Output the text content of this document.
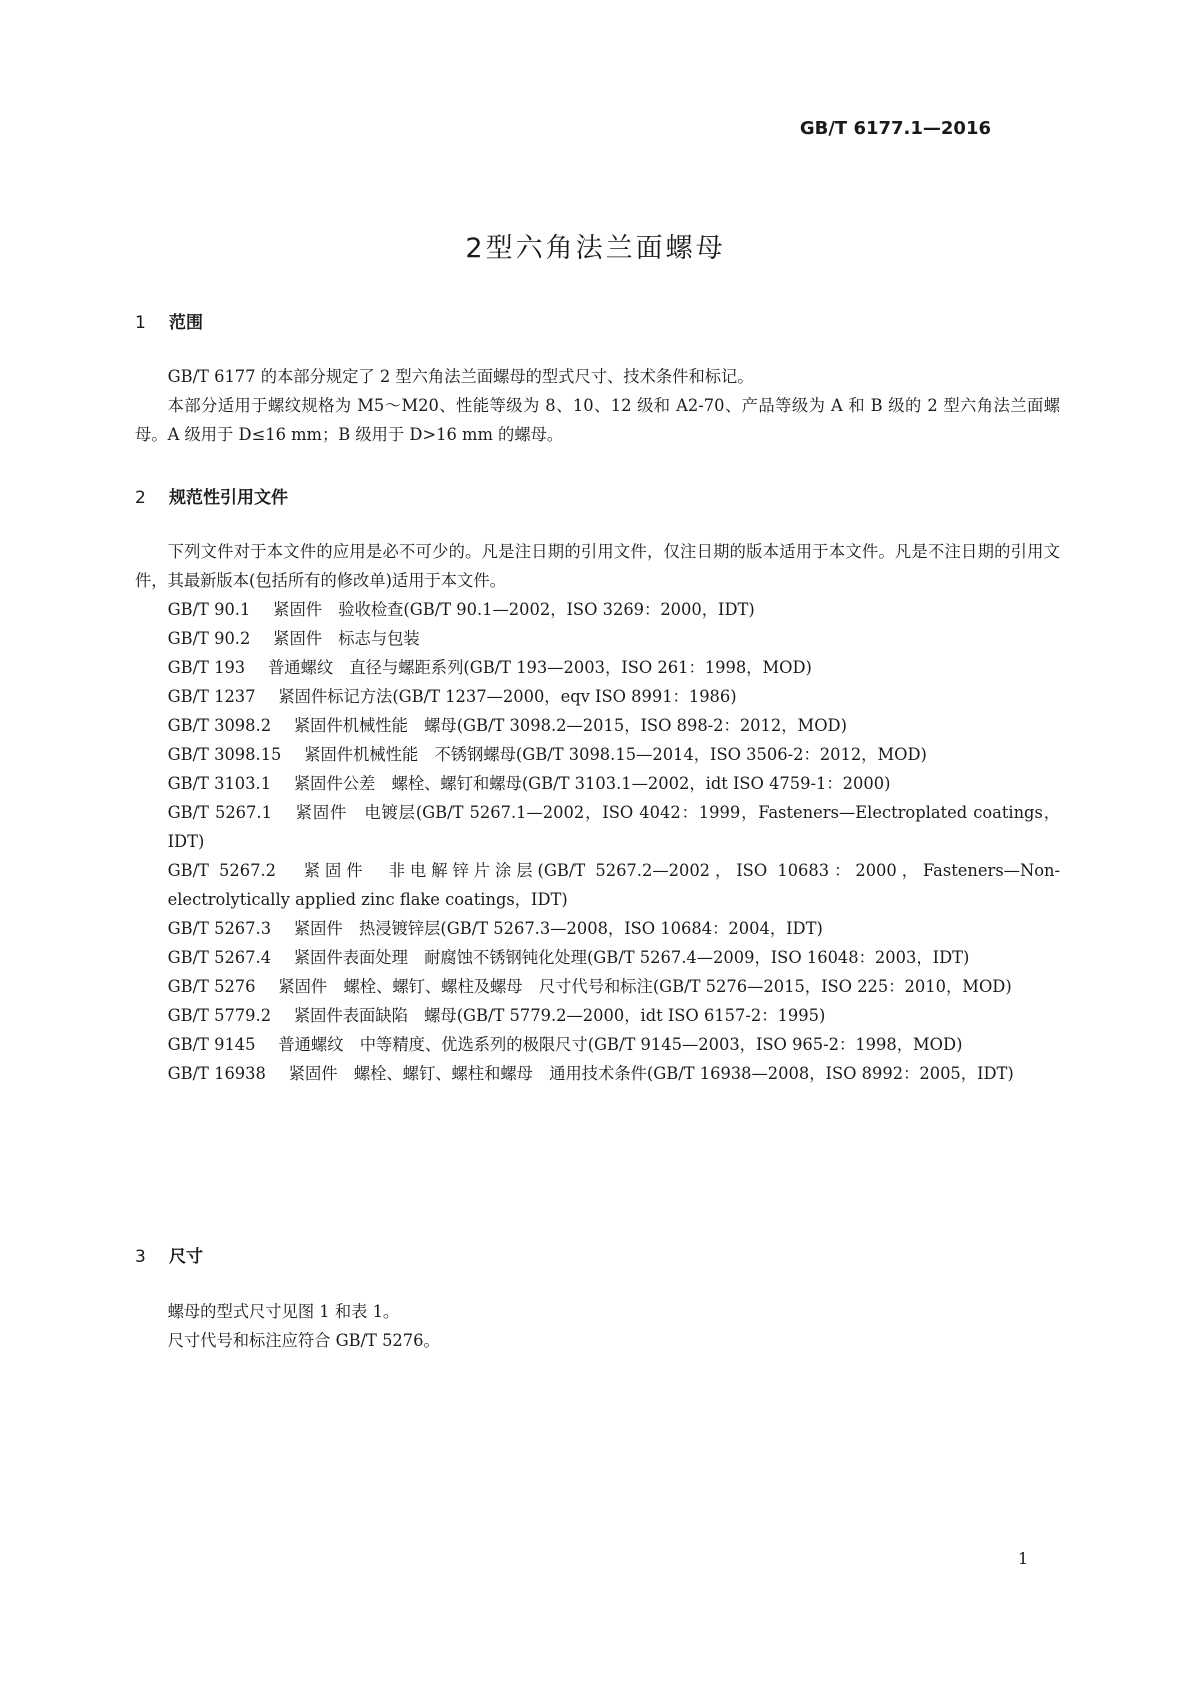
GB/T 6177.1—2016
2型六角法兰面螺母
1 范围

GB/T 6177 的本部分规定了 2 型六角法兰面螺母的型式尺寸、技术条件和标记。

本部分适用于螺纹规格为 M5～M20、性能等级为 8、10、12 级和 A2-70、产品等级为 A 和 B 级的 2 型六角法兰面螺母。A 级用于 D≤16 mm；B 级用于 D>16 mm 的螺母。

2 规范性引用文件

下列文件对于本文件的应用是必不可少的。凡是注日期的引用文件，仅注日期的版本适用于本文件。凡是不注日期的引用文件，其最新版本(包括所有的修改单)适用于本文件。

GB/T 90.1 紧固件　验收检查(GB/T 90.1—2002，ISO 3269：2000，IDT)

GB/T 90.2 紧固件　标志与包装

GB/T 193 普通螺纹　直径与螺距系列(GB/T 193—2003，ISO 261：1998，MOD)

GB/T 1237 紧固件标记方法(GB/T 1237—2000，eqv ISO 8991：1986)

GB/T 3098.2 紧固件机械性能　螺母(GB/T 3098.2—2015，ISO 898-2：2012，MOD)

GB/T 3098.15 紧固件机械性能　不锈钢螺母(GB/T 3098.15—2014，ISO 3506-2：2012，MOD)

GB/T 3103.1 紧固件公差　螺栓、螺钉和螺母(GB/T 3103.1—2002，idt ISO 4759-1：2000)

GB/T 5267.1 紧固件　电镀层(GB/T 5267.1—2002，ISO 4042：1999，Fasteners—Electroplated coatings，IDT)

GB/T 5267.2 紧固件　非电解锌片涂层(GB/T 5267.2—2002，ISO 10683：2000，Fasteners—Non-electrolytically applied zinc flake coatings，IDT)

GB/T 5267.3 紧固件　热浸镀锌层(GB/T 5267.3—2008，ISO 10684：2004，IDT)

GB/T 5267.4 紧固件表面处理　耐腐蚀不锈钢钝化处理(GB/T 5267.4—2009，ISO 16048：2003，IDT)

GB/T 5276 紧固件　螺栓、螺钉、螺柱及螺母　尺寸代号和标注(GB/T 5276—2015，ISO 225：2010，MOD)

GB/T 5779.2 紧固件表面缺陷　螺母(GB/T 5779.2—2000，idt ISO 6157-2：1995)

GB/T 9145 普通螺纹　中等精度、优选系列的极限尺寸(GB/T 9145—2003，ISO 965-2：1998，MOD)

GB/T 16938 紧固件　螺栓、螺钉、螺柱和螺母　通用技术条件(GB/T 16938—2008，ISO 8992：2005，IDT)

3 尺寸

螺母的型式尺寸见图 1 和表 1。

尺寸代号和标注应符合 GB/T 5276。

1
